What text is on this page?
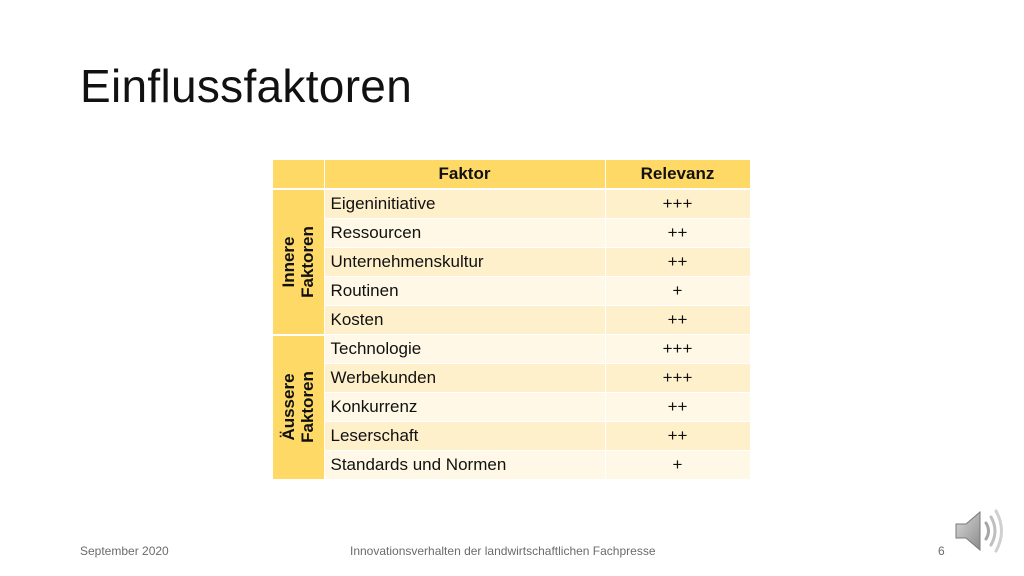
Einflussfaktoren
	Faktor	Relevanz

Innere Faktoren	Eigeninitiative	+++
	Ressourcen	++
	Unternehmenskultur	++
	Routinen	+
	Kosten	++

Äussere Faktoren	Technologie	+++
	Werbekunden	+++
	Konkurrenz	++
	Leserschaft	++
	Standards und Normen	+
September 2020	Innovationsverhalten der landwirtschaftlichen Fachpresse	6
